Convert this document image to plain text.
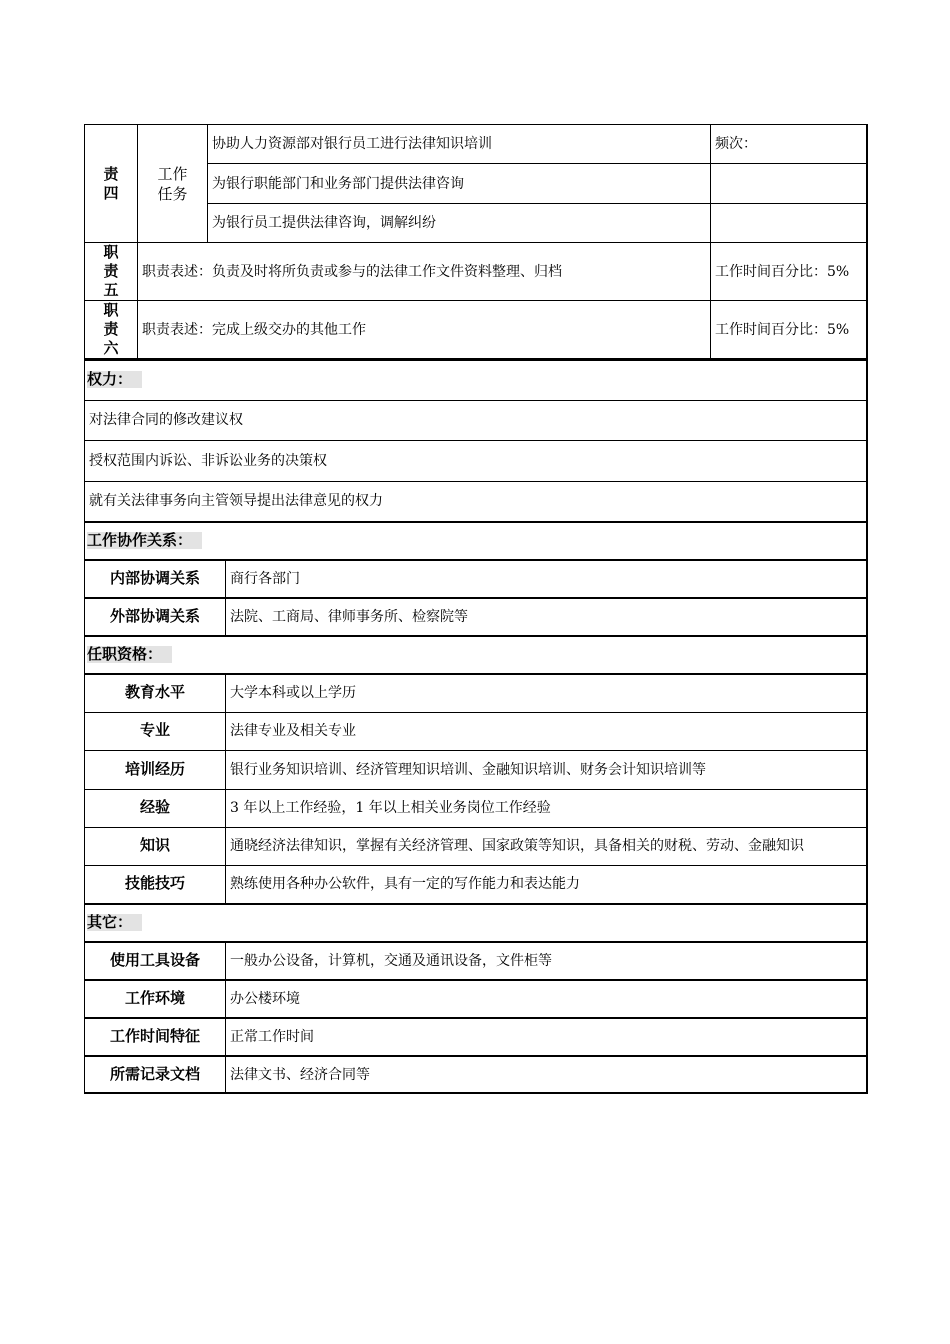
责
四	工作
任务	协助人力资源部对银行员工进行法律知识培训	频次：
		为银行职能部门和业务部门提供法律咨询	
		为银行员工提供法律咨询，调解纠纷	

职
责
五	职责表述：负责及时将所负责或参与的法律工作文件资料整理、归档		工作时间百分比：5%

职
责
六	职责表述：完成上级交办的其他工作		工作时间百分比：5%
权力：	
对法律合同的修改建议权	
授权范围内诉讼、非诉讼业务的决策权	
就有关法律事务向主管领导提出法律意见的权力	
工作协作关系：	
内部协调关系	商行各部门
外部协调关系	法院、工商局、律师事务所、检察院等
任职资格：	
教育水平	大学本科或以上学历
专业	法律专业及相关专业
培训经历	银行业务知识培训、经济管理知识培训、金融知识培训、财务会计知识培训等
经验	3 年以上工作经验，1 年以上相关业务岗位工作经验
知识	通晓经济法律知识，掌握有关经济管理、国家政策等知识，具备相关的财税、劳动、金融知识
技能技巧	熟练使用各种办公软件，具有一定的写作能力和表达能力
其它：	
使用工具设备	一般办公设备，计算机，交通及通讯设备，文件柜等
工作环境	办公楼环境
工作时间特征	正常工作时间
所需记录文档	法律文书、经济合同等
